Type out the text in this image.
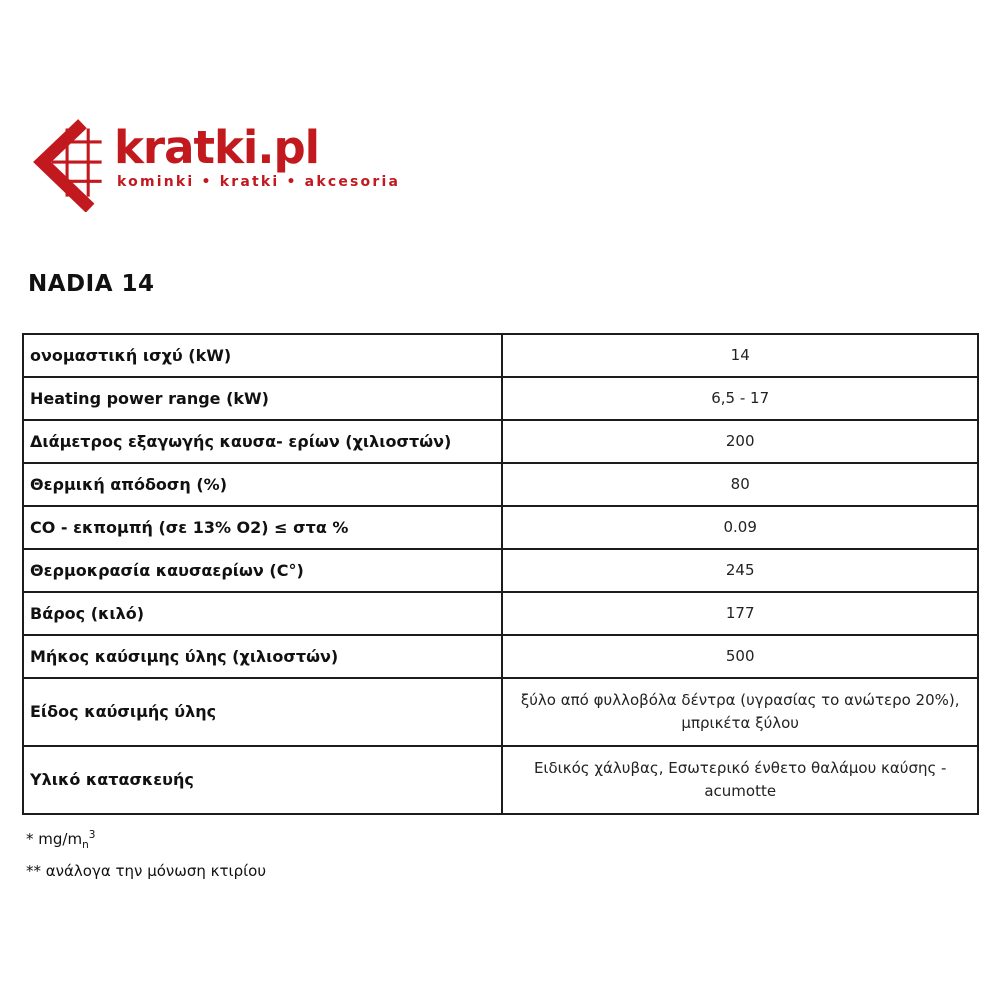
kratki.pl
kominki • kratki • akcesoria
NADIA 14
ονομαστική ισχύ (kW)	14
Heating power range (kW)	6,5 - 17
Διάμετρος εξαγωγής καυσα- ερίων (χιλιοστών)	200
Θερμική απόδοση (%)	80
CO - εκπομπή (σε 13% O2) ≤ στα %	0.09
Θερμοκρασία καυσαερίων (C°)	245
Βάρος (κιλό)	177
Μήκος καύσιμης ύλης (χιλιοστών)	500
Είδος καύσιμής ύλης	ξύλο από φυλλοβόλα δέντρα (υγρασίας το ανώτερο 20%), μπρικέτα ξύλου
Υλικό κατασκευής	Ειδικός χάλυβας, Εσωτερικό ένθετο θαλάμου καύσης - acumotte
* $mg/m_n^3$
** ανάλογα την μόνωση κτιρίου
